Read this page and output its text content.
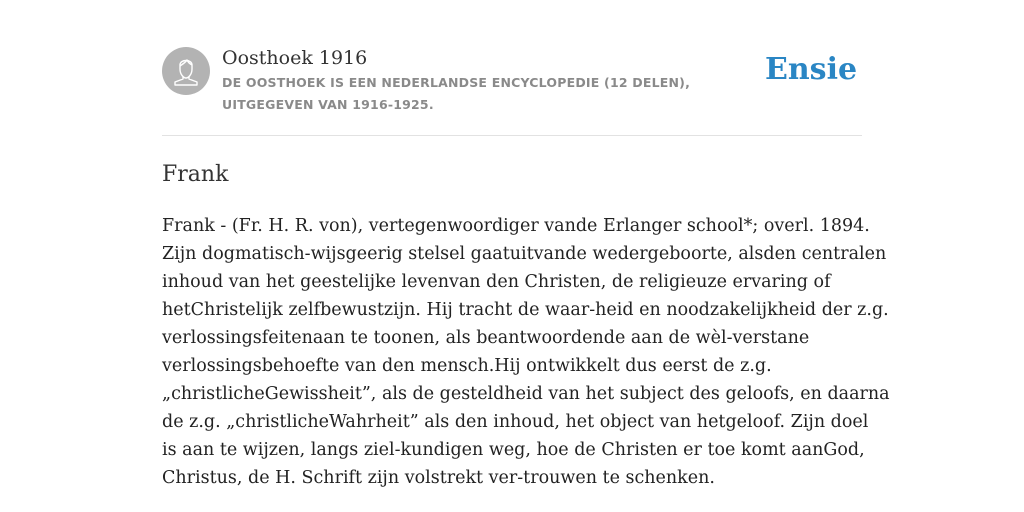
Oosthoek 1916
DE OOSTHOEK IS EEN NEDERLANDSE ENCYCLOPEDIE (12 DELEN), UITGEGEVEN VAN 1916-1925.
Ensie
Frank
Frank - (Fr. H. R. von), vertegenwoordiger vande Erlanger school*; overl. 1894.
Zijn dogmatisch-wijsgeerig stelsel gaatuitvande wedergeboorte, alsden centralen
inhoud van het geestelijke levenvan den Christen, de religieuze ervaring of
hetChristelijk zelfbewustzijn. Hij tracht de waar-heid en noodzakelijkheid der z.g.
verlossingsfeitenaan te toonen, als beantwoordende aan de wèl-verstane
verlossingsbehoefte van den mensch.Hij ontwikkelt dus eerst de z.g.
„christlicheGewissheit”, als de gesteldheid van het subject des geloofs, en daarna
de z.g. „christlicheWahrheit” als den inhoud, het object van hetgeloof. Zijn doel
is aan te wijzen, langs ziel-kundigen weg, hoe de Christen er toe komt aanGod,
Christus, de H. Schrift zijn volstrekt ver-trouwen te schenken.
